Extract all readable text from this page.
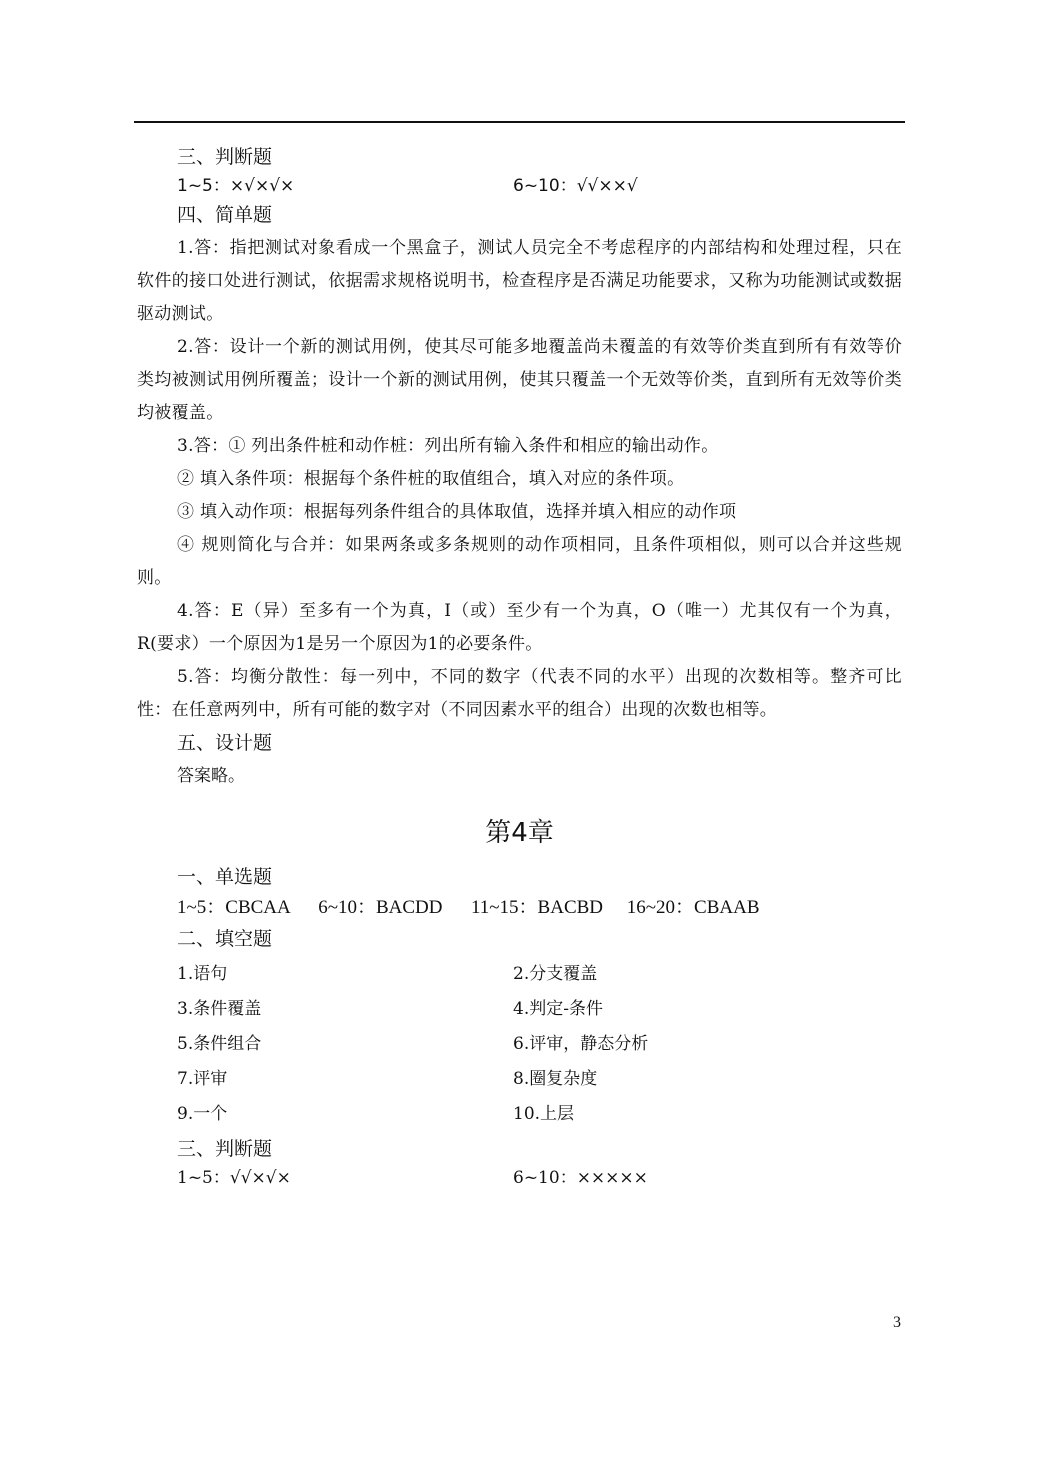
三、判断题
1~5：×√×√×	6~10：√√××√
四、简单题

1.答：指把测试对象看成一个黑盒子，测试人员完全不考虑程序的内部结构和处理过程，只在软件的接口处进行测试，依据需求规格说明书，检查程序是否满足功能要求，又称为功能测试或数据驱动测试。

2.答：设计一个新的测试用例，使其尽可能多地覆盖尚未覆盖的有效等价类直到所有有效等价类均被测试用例所覆盖；设计一个新的测试用例，使其只覆盖一个无效等价类，直到所有无效等价类均被覆盖。

3.答：① 列出条件桩和动作桩：列出所有输入条件和相应的输出动作。

② 填入条件项：根据每个条件桩的取值组合，填入对应的条件项。

③ 填入动作项：根据每列条件组合的具体取值，选择并填入相应的动作项

④ 规则简化与合并：如果两条或多条规则的动作项相同，且条件项相似，则可以合并这些规则。

4.答：E（异）至多有一个为真，I（或）至少有一个为真，O（唯一）尤其仅有一个为真，R(要求）一个原因为1是另一个原因为1的必要条件。

5.答：均衡分散性：每一列中，不同的数字（代表不同的水平）出现的次数相等。整齐可比性：在任意两列中，所有可能的数字对（不同因素水平的组合）出现的次数也相等。

五、设计题

答案略。

第4章
一、单选题
1~5：CBCAA      6~10：BACDD      11~15：BACBD     16~20：CBAAB
二、填空题
1.语句	2.分支覆盖
3.条件覆盖	4.判定-条件
5.条件组合	6.评审，静态分析
7.评审	8.圈复杂度
9.一个	10.上层
三、判断题
1~5：√√×√×	6~10：×××××
3
